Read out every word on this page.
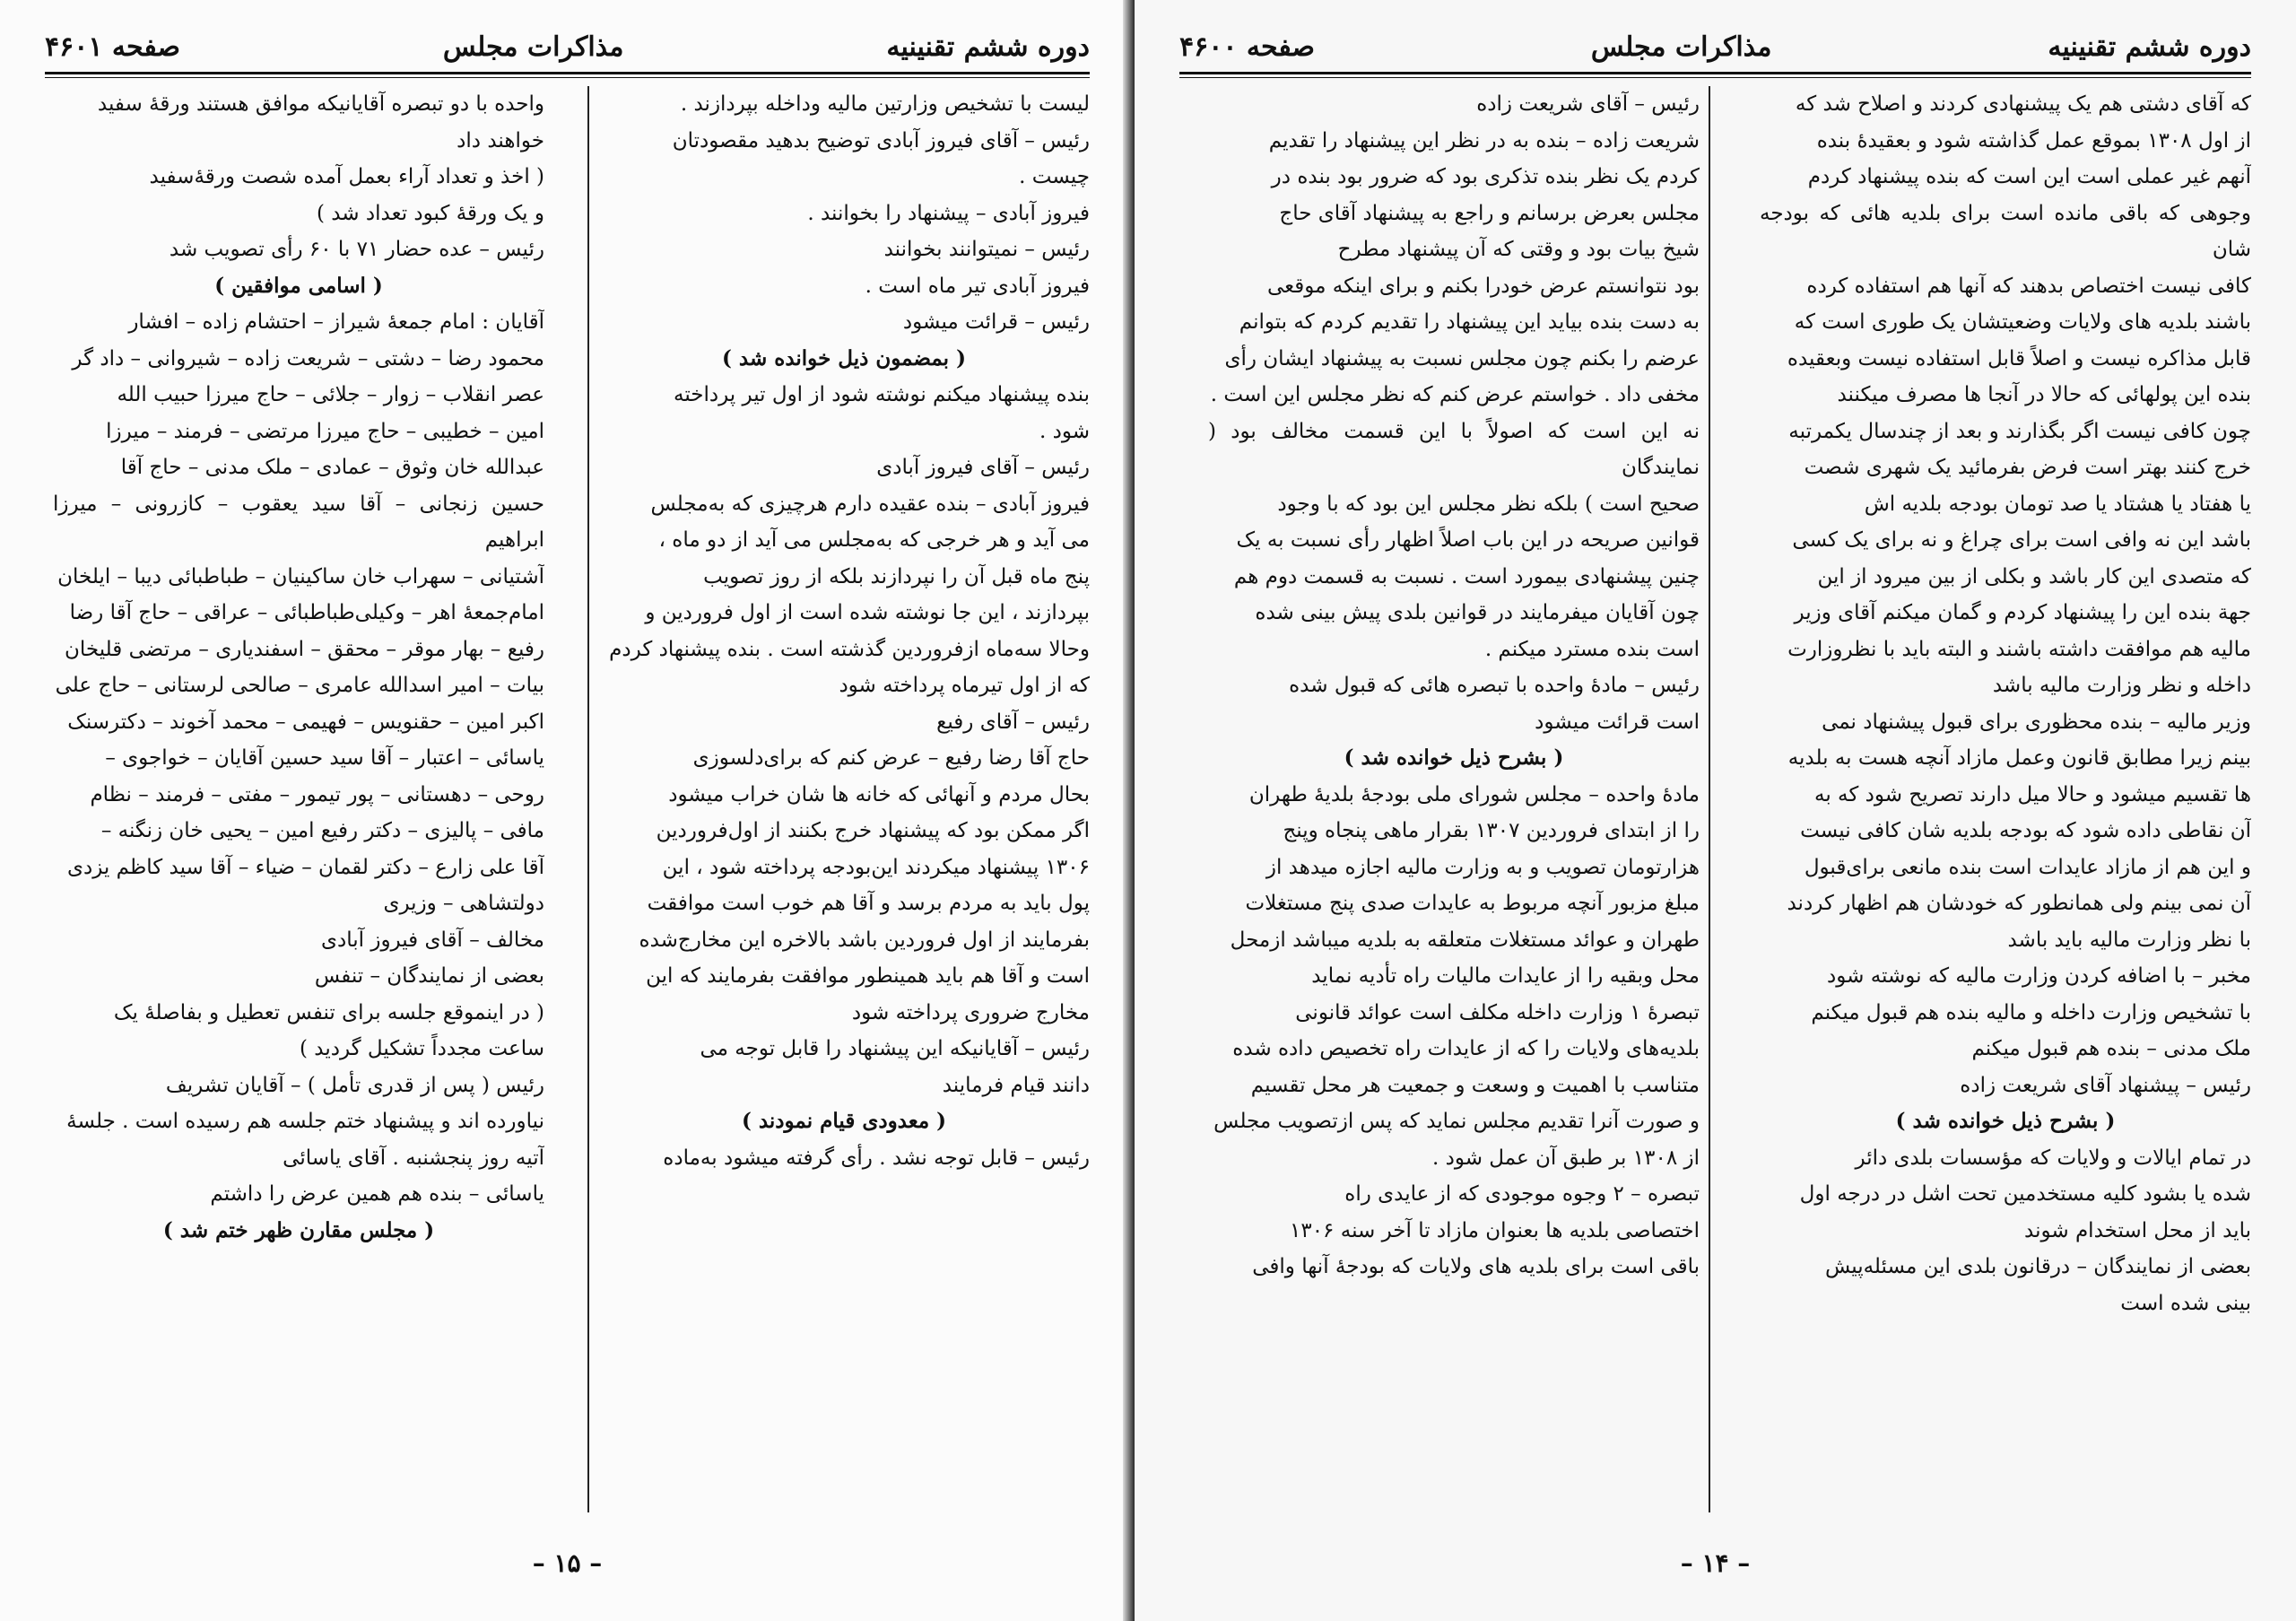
دوره ششم تقنینیه
مذاکرات مجلس
صفحه ۴۶۰۱
لیست با تشخیص وزارتین مالیه وداخله بپردازند .
رئیس – آقای فیروز آبادی توضیح بدهید مقصودتان
چیست .
فیروز آبادی – پیشنهاد را بخوانند .
رئیس – نمیتوانند بخوانند
فیروز آبادی تیر ماه است .
رئیس – قرائت میشود
( بمضمون ذیل خوانده شد )
بنده پیشنهاد میکنم نوشته شود از اول تیر پرداخته
شود .
رئیس – آقای فیروز آبادی
فیروز آبادی – بنده عقیده دارم هرچیزی که به‌مجلس
می آید و هر خرجی که به‌مجلس می آید از دو ماه ،
پنج ماه قبل آن را نپردازند بلکه از روز تصویب
بپردازند ، این جا نوشته شده است از اول فروردین و
وحالا سه‌ماه ازفروردین گذشته است . بنده پیشنهاد کردم
که از اول تیرماه پرداخته شود
رئیس – آقای رفیع
حاج آقا رضا رفیع – عرض کنم که برای‌دلسوزی
بحال مردم و آنهائی که خانه ها شان خراب میشود
اگر ممکن بود که پیشنهاد خرج بکنند از اول‌فروردین
۱۳۰۶ پیشنهاد میکردند این‌بودجه پرداخته شود ، این
پول باید به مردم برسد و آقا هم خوب است موافقت
بفرمایند از اول فروردین باشد بالاخره این مخارج‌شده
است و آقا هم باید همینطور موافقت بفرمایند که این
مخارج ضروری پرداخته شود
رئیس – آقایانیکه این پیشنهاد را قابل توجه می
دانند قیام فرمایند
( معدودی قیام نمودند )
رئیس – قابل توجه نشد . رأی گرفته میشود به‌ماده
واحده با دو تبصره آقایانیکه موافق هستند ورقهٔ سفید
خواهند داد
( اخذ و تعداد آراء بعمل آمده شصت ورقهٔ‌سفید
و یک ورقهٔ کبود تعداد شد )
رئیس – عده حضار ۷۱ با ۶۰ رأی تصویب شد
( اسامی موافقین )
آقایان : امام جمعهٔ شیراز – احتشام زاده – افشار
محمود رضا – دشتی – شریعت زاده – شیروانی – داد گر
عصر انقلاب – زوار – جلائی – حاج میرزا حبیب الله
امین – خطیبی – حاج میرزا مرتضی – فرمند – میرزا
عبدالله خان وثوق – عمادی – ملک مدنی – حاج آقا
حسین زنجانی – آقا سید یعقوب – کازرونی – میرزا ابراهیم
آشتیانی – سهراب خان ساکینیان – طباطبائی دیبا – ایلخان
امام‌جمعهٔ اهر – وکیلی‌طباطبائی – عراقی – حاج آقا رضا
رفیع – بهار موقر – محقق – اسفندیاری – مرتضی قلیخان
بیات – امیر اسدالله عامری – صالحی لرستانی – حاج علی
اکبر امین – حقنویس – فهیمی – محمد آخوند – دکترسنک
یاسائی – اعتبار – آقا سید حسین آقایان – خواجوی –
روحی – دهستانی – پور تیمور – مفتی – فرمند – نظام
مافی – پالیزی – دکتر رفیع امین – یحیی خان زنگنه –
آقا علی زارع – دکتر لقمان – ضیاء – آقا سید کاظم یزدی
دولتشاهی – وزیری
مخالف – آقای فیروز آبادی
بعضی از نمایندگان – تنفس
( در اینموقع جلسه برای تنفس تعطیل و بفاصلهٔ یک
ساعت مجدداً تشکیل گردید )
رئیس ( پس از قدری تأمل ) – آقایان تشریف
نیاورده اند و پیشنهاد ختم جلسه هم رسیده است . جلسهٔ
آتیه روز پنجشنبه . آقای یاسائی
یاسائی – بنده هم همین عرض را داشتم
( مجلس مقارن ظهر ختم شد )
– ۱۵ –
دوره ششم تقنینیه
مذاکرات مجلس
صفحه ۴۶۰۰
که آقای دشتی هم یک پیشنهادی کردند و اصلاح شد که
از اول ۱۳۰۸ بموقع عمل گذاشته شود و بعقیدهٔ بنده
آنهم غیر عملی است این است که بنده پیشنهاد کردم
وجوهی که باقی مانده است برای بلدیه هائی که بودجه شان
کافی نیست اختصاص بدهند که آنها هم استفاده کرده
باشند بلدیه های ولایات وضعیتشان یک طوری است که
قابل مذاکره نیست و اصلاً قابل استفاده نیست وبعقیده‌
بنده این پولهائی که حالا در آنجا ها مصرف میکنند
چون کافی نیست اگر بگذارند و بعد از چندسال یکمرتبه
خرج کنند بهتر است فرض بفرمائید یک شهری شصت
یا هفتاد یا هشتاد یا صد تومان بودجه بلدیه اش
باشد این نه وافی است برای چراغ و نه برای یک کسی
که متصدی این کار باشد و بکلی از بین میرود از این
جهة بنده این را پیشنهاد کردم و گمان میکنم آقای وزیر
مالیه هم موافقت داشته باشند و البته باید با نظروزارت
داخله و نظر وزارت مالیه باشد
وزیر مالیه – بنده محظوری برای قبول پیشنهاد نمی
بینم زیرا مطابق قانون وعمل مازاد آنچه هست به بلدیه
ها تقسیم میشود و حالا میل دارند تصریح شود که به
آن نقاطی داده شود که بودجه بلدیه شان کافی نیست
و این هم از مازاد عایدات است بنده مانعی برای‌قبول
آن نمی بینم ولی همانطور که خودشان هم اظهار کردند
با نظر وزارت مالیه باید باشد
مخبر – با اضافه کردن وزارت مالیه که نوشته شود
با تشخیص وزارت داخله و مالیه بنده هم قبول میکنم
ملک مدنی – بنده هم قبول میکنم
رئیس – پیشنهاد آقای شریعت زاده
( بشرح ذیل خوانده شد )
در تمام ایالات و ولایات که مؤسسات بلدی دائر
شده یا بشود کلیه مستخدمین تحت اشل در درجه اول
باید از محل استخدام شوند
بعضی از نمایندگان – درقانون بلدی این مسئله‌پیش
بینی شده است
رئیس – آقای شریعت زاده
شریعت زاده – بنده به در نظر این پیشنهاد را تقدیم
کردم یک نظر بنده تذکری بود که ضرور بود بنده در
مجلس بعرض برسانم و راجع به پیشنهاد آقای حاج
شیخ بیات بود و وقتی که آن پیشنهاد مطرح
بود نتوانستم عرض خودرا بکنم و برای اینکه موقعی
به دست بنده بیاید این پیشنهاد را تقدیم کردم که بتوانم
عرضم را بکنم چون مجلس نسبت به پیشنهاد ایشان رأی
مخفی داد . خواستم عرض کنم که نظر مجلس این است .
نه این است که اصولاً با این قسمت مخالف بود ( نمایندگان
صحیح است ) بلکه نظر مجلس این بود که با وجود
قوانین صریحه در این باب اصلاً اظهار رأی نسبت به یک
چنین پیشنهادی بیمورد است . نسبت به قسمت دوم هم
چون آقایان میفرمایند در قوانین بلدی پیش بینی شده
است بنده مسترد میکنم .
رئیس – مادهٔ واحده با تبصره هائی که قبول شده
است قرائت میشود
( بشرح ذیل خوانده شد )
مادهٔ واحده – مجلس شورای ملی بودجهٔ بلدیهٔ طهران
را از ابتدای فروردین ۱۳۰۷ بقرار ماهی پنجاه وپنج
هزارتومان تصویب و به وزارت مالیه اجازه میدهد از
مبلغ مزبور آنچه مربوط به عایدات صدی پنج مستغلات
طهران و عوائد مستغلات متعلقه به بلدیه میباشد ازمحل
محل وبقیه را از عایدات مالیات راه تأدیه نماید
تبصرهٔ ۱ وزارت داخله مکلف است عوائد قانونی
بلدیه‌های ولایات را که از عایدات راه تخصیص داده شده
متناسب با اهمیت و وسعت و جمعیت هر محل تقسیم
و صورت آنرا تقدیم مجلس نماید که پس ازتصویب مجلس
از ۱۳۰۸ بر طبق آن عمل شود .
تبصره – ۲ وجوه موجودی که از عایدی راه
اختصاصی بلدیه ها بعنوان مازاد تا آخر سنه ۱۳۰۶
باقی است برای بلدیه های ولایات که بودجهٔ آنها وافی
– ۱۴ –
